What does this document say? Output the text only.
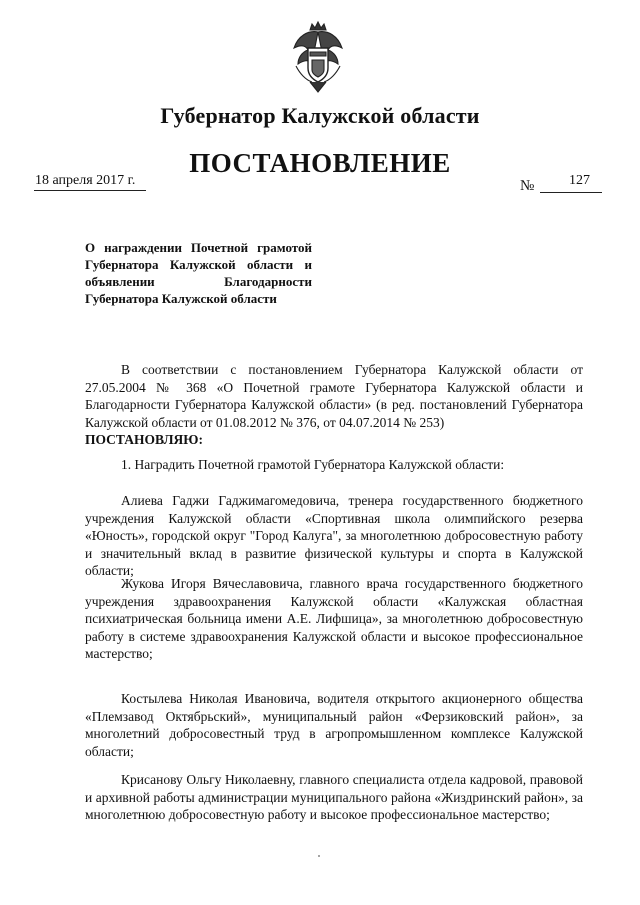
Губернатор Калужской области
ПОСТАНОВЛЕНИЕ
18 апреля 2017 г.	№ 127
О награждении Почетной грамотой Губернатора Калужской области и объявлении Благодарности Губернатора Калужской области
В соответствии с постановлением Губернатора Калужской области от 27.05.2004 № 368 «О Почетной грамоте Губернатора Калужской области и Благодарности Губернатора Калужской области» (в ред. постановлений Губернатора Калужской области от 01.08.2012 № 376, от 04.07.2014 № 253)
ПОСТАНОВЛЯЮ:
1. Наградить Почетной грамотой Губернатора Калужской области:
Алиева Гаджи Гаджимагомедовича, тренера государственного бюджетного учреждения Калужской области «Спортивная школа олимпийского резерва «Юность», городской округ "Город Калуга", за многолетнюю добросовестную работу и значительный вклад в развитие физической культуры и спорта в Калужской области;
Жукова Игоря Вячеславовича, главного врача государственного бюджетного учреждения здравоохранения Калужской области «Калужская областная психиатрическая больница имени А.Е. Лифшица», за многолетнюю добросовестную работу в системе здравоохранения Калужской области и высокое профессиональное мастерство;
Костылева Николая Ивановича, водителя открытого акционерного общества «Племзавод Октябрьский», муниципальный район «Ферзиковский район», за многолетний добросовестный труд в агропромышленном комплексе Калужской области;
Крисанову Ольгу Николаевну, главного специалиста отдела кадровой, правовой и архивной работы администрации муниципального района «Жиздринский район», за многолетнюю добросовестную работу и высокое профессиональное мастерство;
